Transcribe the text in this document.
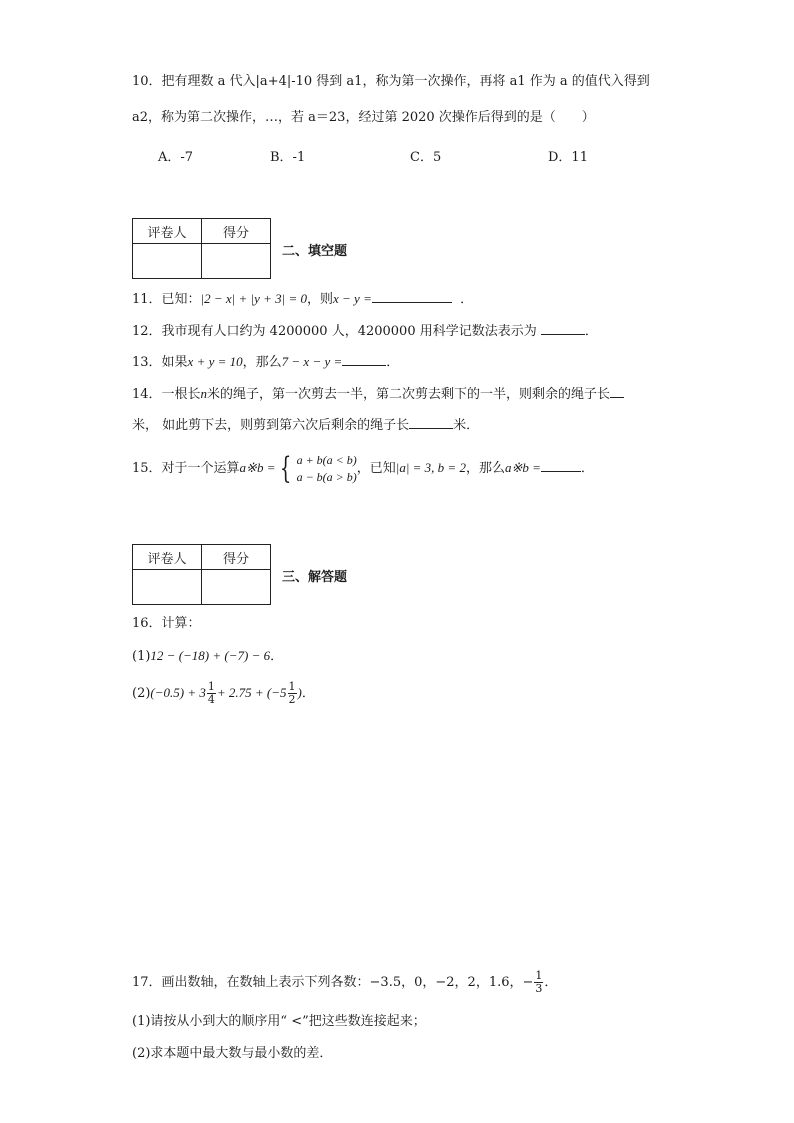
10．把有理数 a 代入|a+4|-10 得到 a1，称为第一次操作，再将 a1 作为 a 的值代入得到
a2，称为第二次操作，…，若 a＝23，经过第 2020 次操作后得到的是（　　）
A．-7	B．-1	C．5	D．11
评卷人	得分

二、填空题
11．已知：|2 − x| + |y + 3| = 0，则x − y =	．
12．我市现有人口约为 4200000 人，4200000 用科学记数法表示为	．
13．如果x + y = 10，那么7 − x − y =	．
14．一根长n米的绳子，第一次剪去一半，第二次剪去剩下的一半，则剩余的绳子长
米， 如此剪下去，则剪到第六次后剩余的绳子长	米．
15．对于一个运算a※b = { a + b(a < b)
a − b(a > b)
，已知|a| = 3, b = 2，那么a※b =	．
评卷人	得分

三、解答题
16．计算：
(1)12 − (−18) + (−7) − 6．
$(2)(-0.5) + 3 \frac{1}{4} + 2.75 + (-5 \frac{1}{2}$ )．
17．画出数轴，在数轴上表示下列各数：−3.5，0，−2，2，1.6，− $\frac{1}{3}$ ．
(1)请按从小到大的顺序用“ <”把这些数连接起来；
(2)求本题中最大数与最小数的差．
